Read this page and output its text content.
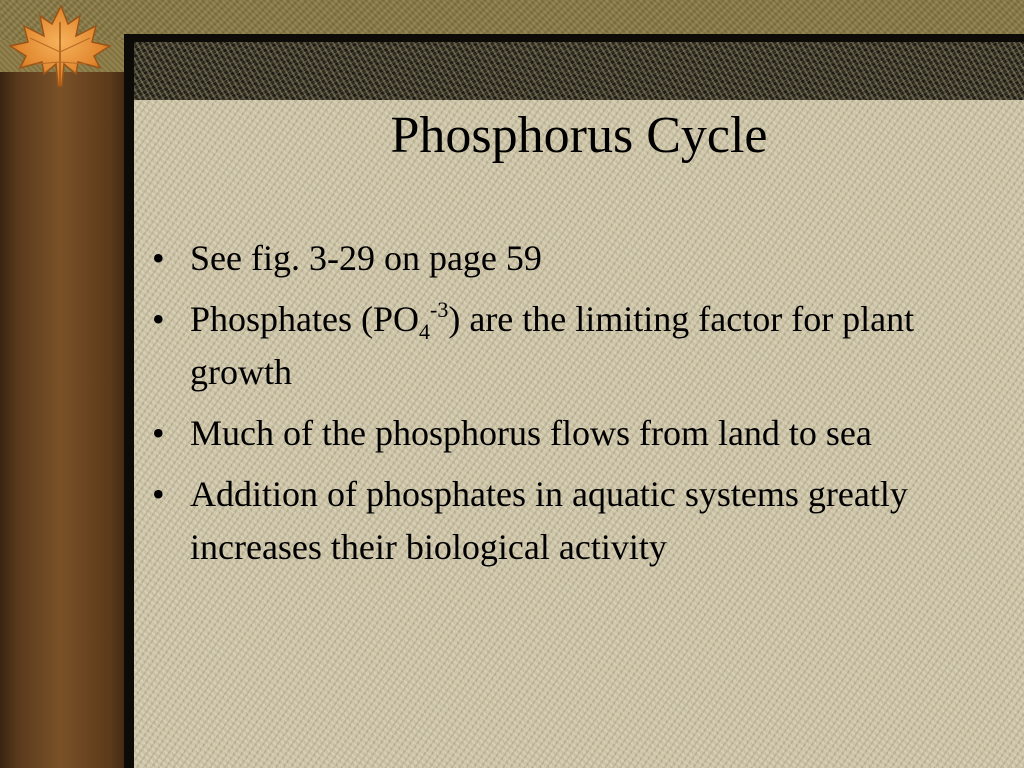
Phosphorus Cycle
• See fig. 3-29 on page 59
• Phosphates $(PO_4^{-3})$ are the limiting factor for plant growth
• Much of the phosphorus flows from land to sea
• Addition of phosphates in aquatic systems greatly increases their biological activity
